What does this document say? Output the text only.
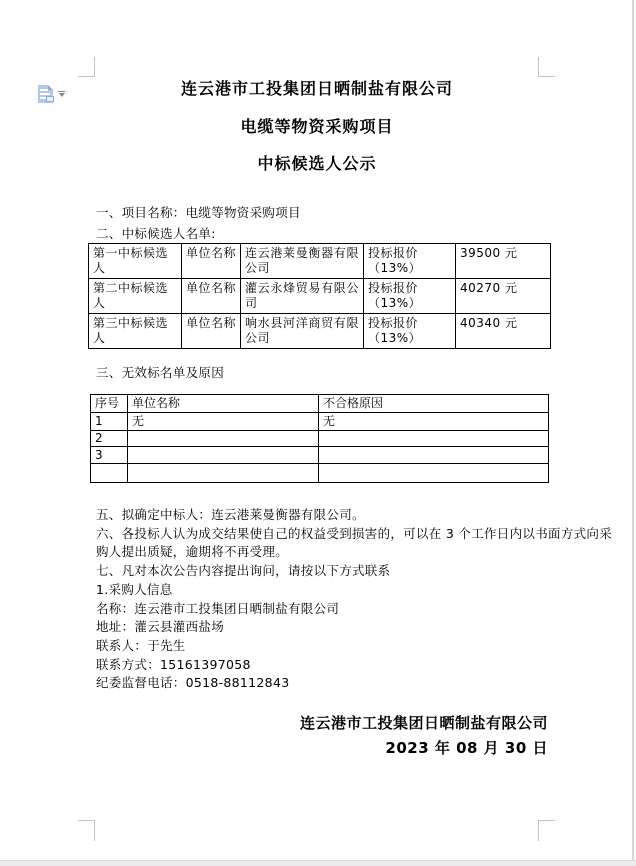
连云港市工投集团日晒制盐有限公司
电缆等物资采购项目
中标候选人公示
一、项目名称：电缆等物资采购项目
二、中标候选人名单:
第一中标候选人	单位名称	连云港莱曼衡器有限公司	投标报价（13%）	39500 元
第二中标候选人	单位名称	灌云永烽贸易有限公司	投标报价（13%）	40270 元
第三中标候选人	单位名称	响水县河洋商贸有限公司	投标报价（13%）	40340 元
三、无效标名单及原因
序号	单位名称	不合格原因
1	无	无
2		
3		

五、拟确定中标人：连云港莱曼衡器有限公司。
六、各投标人认为成交结果使自己的权益受到损害的，可以在 3 个工作日内以书面方式向采
购人提出质疑，逾期将不再受理。
七、凡对本次公告内容提出询问，请按以下方式联系
1.采购人信息
名称：连云港市工投集团日晒制盐有限公司
地址：灌云县灌西盐场
联系人：于先生
联系方式：15161397058
纪委监督电话：0518-88112843
连云港市工投集团日晒制盐有限公司
2023 年 08 月 30 日
